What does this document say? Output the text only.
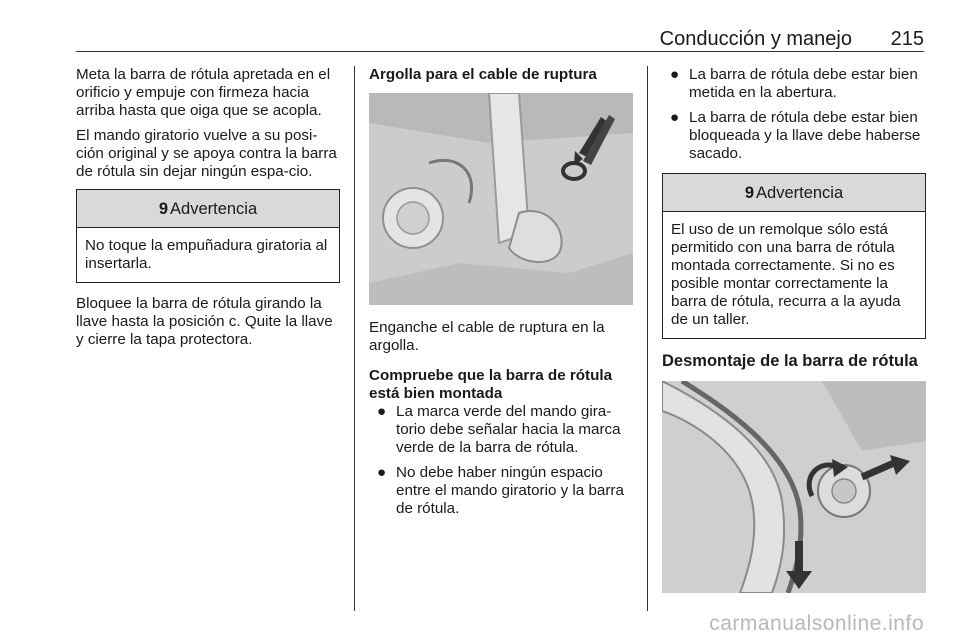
Conducción y manejo 215

Meta la barra de rótula apretada en el orificio y empuje con firmeza hacia arriba hasta que oiga que se acopla.

El mando giratorio vuelve a su posi-ción original y se apoya contra la barra de rótula sin dejar ningún espa-cio.

9 Advertencia
No toque la empuñadura giratoria al insertarla.

Bloquee la barra de rótula girando la llave hasta la posición c. Quite la llave y cierre la tapa protectora.

Argolla para el cable de ruptura

Enganche el cable de ruptura en la argolla.

Compruebe que la barra de rótula está bien montada

● La marca verde del mando gira-torio debe señalar hacia la marca verde de la barra de rótula.
● No debe haber ningún espacio entre el mando giratorio y la barra de rótula.
● La barra de rótula debe estar bien metida en la abertura.
● La barra de rótula debe estar bien bloqueada y la llave debe haberse sacado.
9 Advertencia
El uso de un remolque sólo está permitido con una barra de rótula montada correctamente. Si no es posible montar correctamente la barra de rótula, recurra a la ayuda de un taller.

Desmontaje de la barra de rótula

carmanualsonline.info
